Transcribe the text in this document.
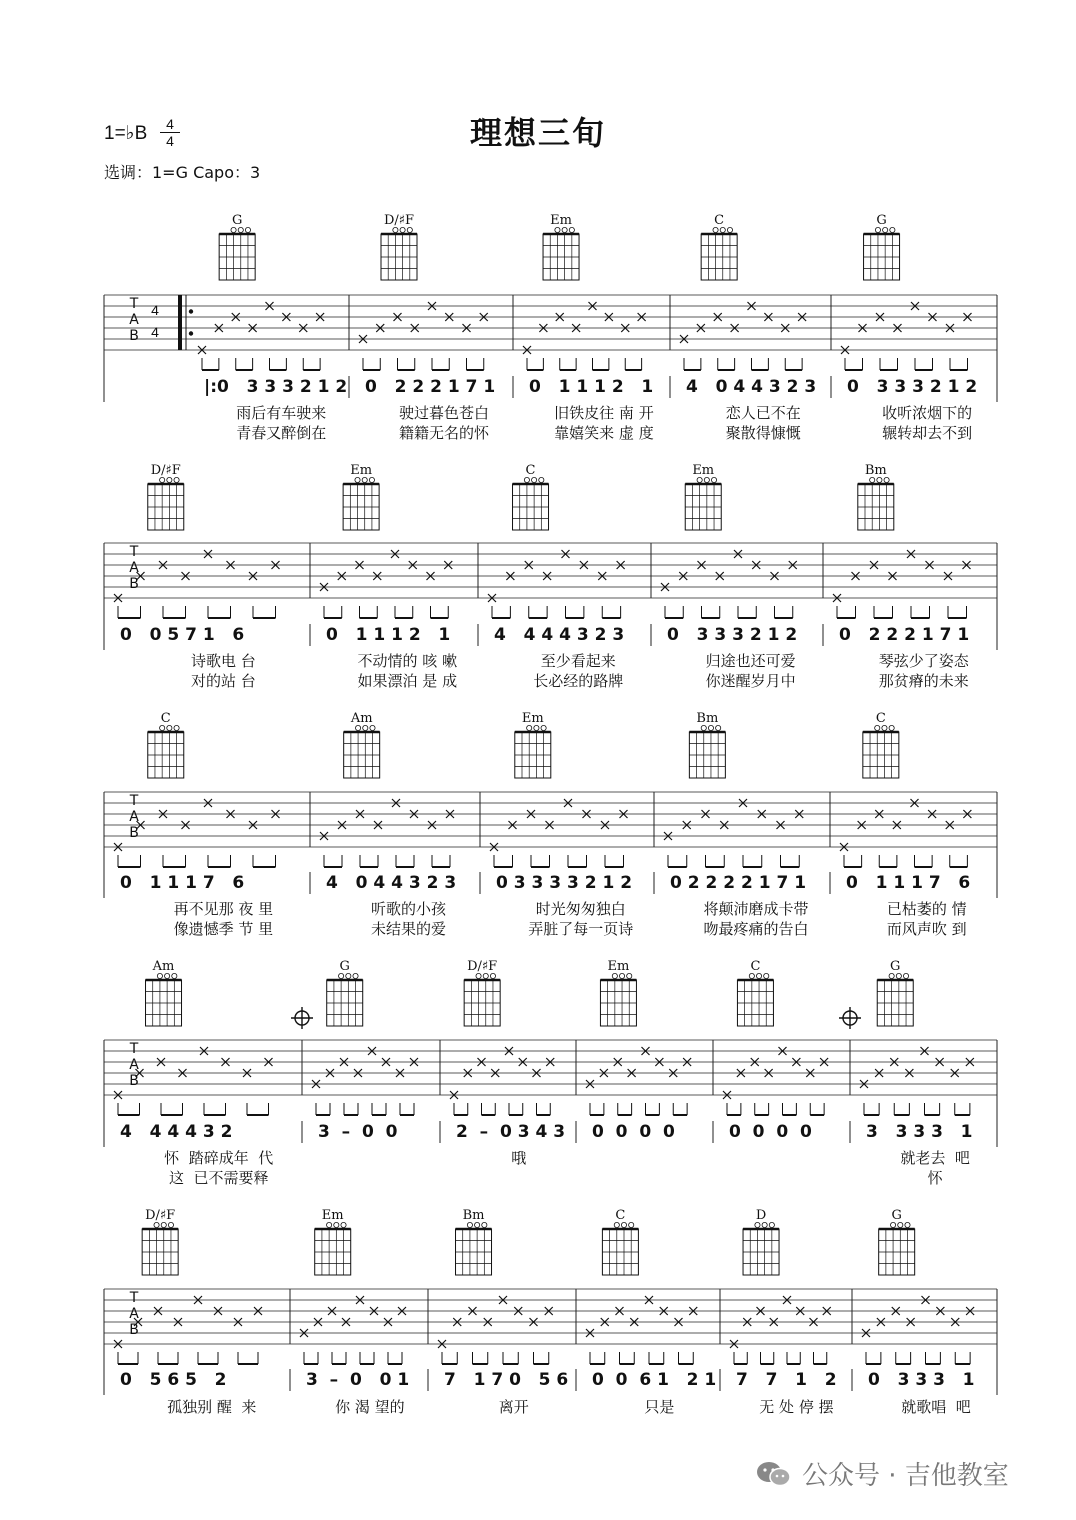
T
A
B
4
4
G
|:0   3 3 3 2 1 2
雨后有车驶来
青春又醉倒在
D/♯F
0   2 2 2 1 7 1
驶过暮色苍白
籍籍无名的怀
Em
0   1 1 1 2   1
旧铁皮往 南 开
靠嬉笑来 虚 度
C
4   0 4 4 3 2 3
恋人已不在
聚散得慷慨
G
0   3 3 3 2 1 2
收听浓烟下的
辗转却去不到
T
A
B
D/♯F
0   0 5 7 1   6
诗歌电 台
对的站 台
Em
0   1 1 1 2   1
不动情的 咳 嗽
如果漂泊 是 成
C
4   4 4 4 3 2 3
至少看起来
长必经的路牌
Em
0   3 3 3 2 1 2
归途也还可爱
你迷醒岁月中
Bm
0   2 2 2 1 7 1
琴弦少了姿态
那贫瘠的未来
T
A
B
C
0   1 1 1 7   6
再不见那 夜 里
像遗憾季 节 里
Am
4   0 4 4 3 2 3
听歌的小孩
未结果的爱
Em
0 3 3 3 3 2 1 2
时光匆匆独白
弄脏了每一页诗
Bm
0 2 2 2 2 1 7 1
将颠沛磨成卡带
吻最疼痛的告白
C
0   1 1 1 7   6
已枯萎的 情
而风声吹 到
T
A
B
Am
4   4 4 4 3 2
怀  踏碎成年  代
这  已不需要释
G
3  –  0  0
D/♯F
2  –  0 3 4 3
哦
Em
0  0  0  0
C
0  0  0  0
G
3   3 3 3   1
就老去  吧
怀
T
A
B
D/♯F
0   5 6 5   2
孤独别 醒  来
Em
3  –  0   0 1
你 渴 望的
Bm
7   1 7 0   5 6
离开
C
0  0  6 1   2 1
只是
D
7   7   1   2
无 处 停 摆
G
0   3 3 3   1
就歌唱  吧
理想三旬
1=♭B	4
4
选调：1=G Capo：3
公众号 · 吉他教室
